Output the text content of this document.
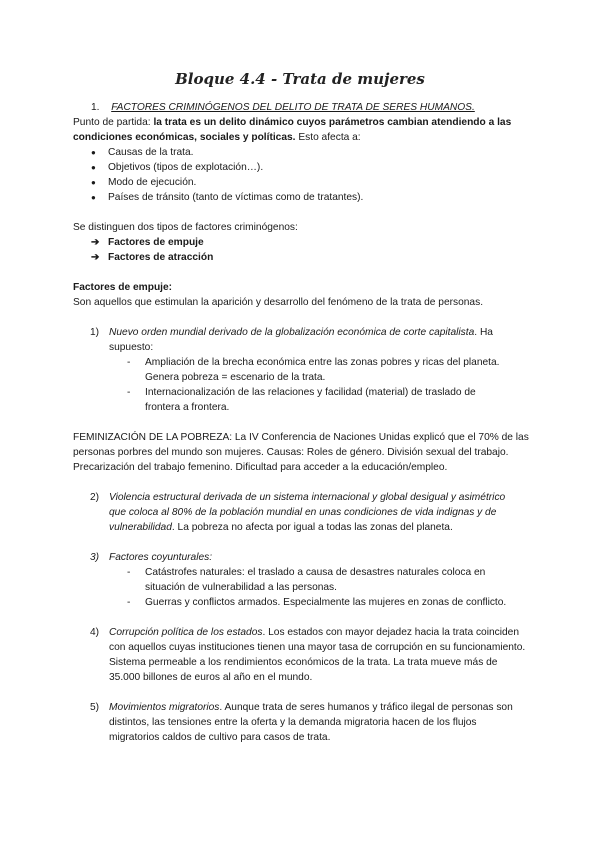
Bloque 4.4 - Trata de mujeres

1. FACTORES CRIMINÓGENOS DEL DELITO DE TRATA DE SERES HUMANOS.

Punto de partida: la trata es un delito dinámico cuyos parámetros cambian atendiendo a las condiciones económicas, sociales y políticas. Esto afecta a:

● Causas de la trata.
● Objetivos (tipos de explotación…).
● Modo de ejecución.
● Países de tránsito (tanto de víctimas como de tratantes).

Se distinguen dos tipos de factores criminógenos:

➔ Factores de empuje
➔ Factores de atracción

Factores de empuje:

Son aquellos que estimulan la aparición y desarrollo del fenómeno de la trata de personas.

1) Nuevo orden mundial derivado de la globalización económica de corte capitalista. Ha supuesto:

- Ampliación de la brecha económica entre las zonas pobres y ricas del planeta. Genera pobreza = escenario de la trata.
- Internacionalización de las relaciones y facilidad (material) de traslado de frontera a frontera.

FEMINIZACIÓN DE LA POBREZA: La IV Conferencia de Naciones Unidas explicó que el 70% de las personas porbres del mundo son mujeres. Causas: Roles de género. División sexual del trabajo. Precarización del trabajo femenino. Dificultad para acceder a la educación/empleo.

2) Violencia estructural derivada de un sistema internacional y global desigual y asimétrico que coloca al 80% de la población mundial en unas condiciones de vida indignas y de vulnerabilidad. La pobreza no afecta por igual a todas las zonas del planeta.

3) Factores coyunturales:

- Catástrofes naturales: el traslado a causa de desastres naturales coloca en situación de vulnerabilidad a las personas.
- Guerras y conflictos armados. Especialmente las mujeres en zonas de conflicto.

4) Corrupción política de los estados. Los estados con mayor dejadez hacia la trata coinciden con aquellos cuyas instituciones tienen una mayor tasa de corrupción en su funcionamiento. Sistema permeable a los rendimientos económicos de la trata. La trata mueve más de 35.000 billones de euros al año en el mundo.

5) Movimientos migratorios. Aunque trata de seres humanos y tráfico ilegal de personas son distintos, las tensiones entre la oferta y la demanda migratoria hacen de los flujos migratorios caldos de cultivo para casos de trata.
